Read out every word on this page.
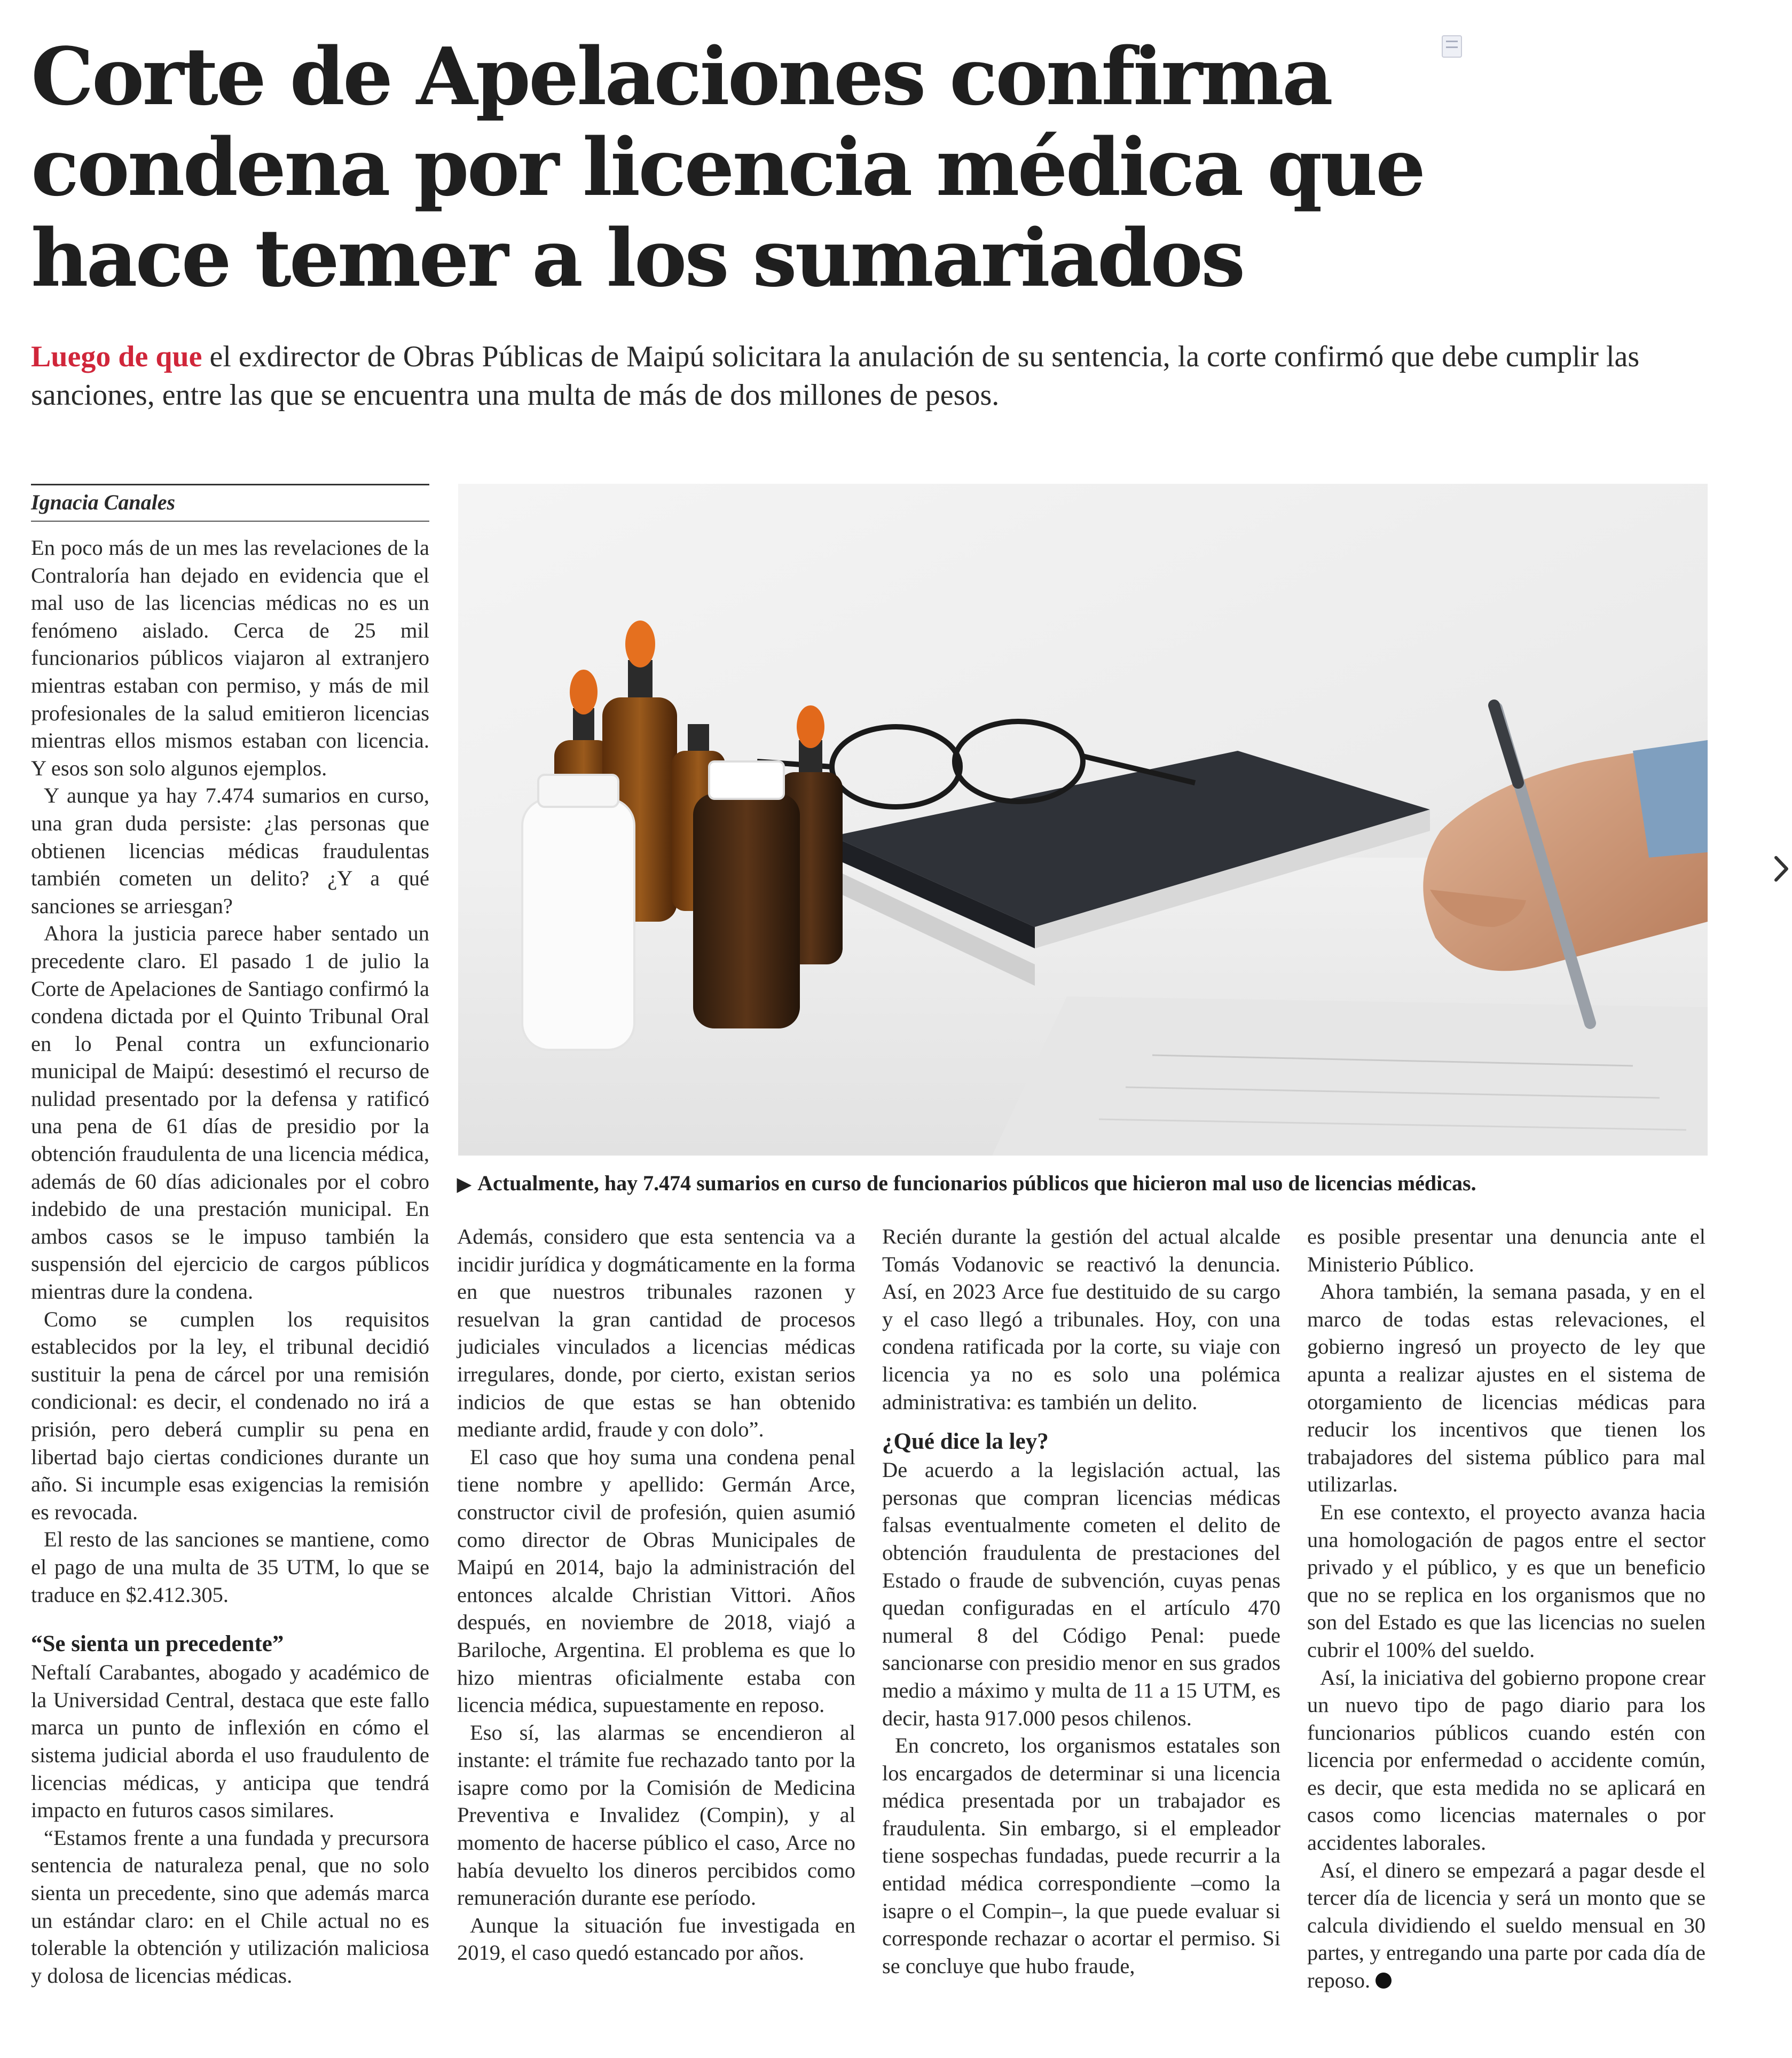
Corte de Apelaciones confirma
condena por licencia médica que
hace temer a los sumariados
Luego de que el exdirector de Obras Públicas de Maipú solicitara la anulación de su sentencia, la corte confirmó que debe cumplir las sanciones, entre las que se encuentra una multa de más de dos millones de pesos.
Ignacia Canales
▶ Actualmente, hay 7.474 sumarios en curso de funcionarios públicos que hicieron mal uso de licencias médicas.

En poco más de un mes las revelaciones de la Contraloría han dejado en evidencia que el mal uso de las licencias médicas no es un fenómeno aislado. Cerca de 25 mil funcionarios públicos viajaron al extranjero mientras estaban con permiso, y más de mil profesionales de la salud emitieron licencias mientras ellos mismos estaban con licencia. Y esos son solo algunos ejemplos.

Y aunque ya hay 7.474 sumarios en curso, una gran duda persiste: ¿las personas que obtienen licencias médicas fraudulentas también cometen un delito? ¿Y a qué sanciones se arriesgan?

Ahora la justicia parece haber sentado un precedente claro. El pasado 1 de julio la Corte de Apelaciones de Santiago confirmó la condena dictada por el Quinto Tribunal Oral en lo Penal contra un exfuncionario municipal de Maipú: desestimó el recurso de nulidad presentado por la defensa y ratificó una pena de 61 días de presidio por la obtención fraudulenta de una licencia médica, además de 60 días adicionales por el cobro indebido de una prestación municipal. En ambos casos se le impuso también la suspensión del ejercicio de cargos públicos mientras dure la condena.

Como se cumplen los requisitos establecidos por la ley, el tribunal decidió sustituir la pena de cárcel por una remisión condicional: es decir, el condenado no irá a prisión, pero deberá cumplir su pena en libertad bajo ciertas condiciones durante un año. Si incumple esas exigencias la remisión es revocada.

El resto de las sanciones se mantiene, como el pago de una multa de 35 UTM, lo que se traduce en $2.412.305.

“Se sienta un precedente”

Neftalí Carabantes, abogado y académico de la Universidad Central, destaca que este fallo marca un punto de inflexión en cómo el sistema judicial aborda el uso fraudulento de licencias médicas, y anticipa que tendrá impacto en futuros casos similares.

“Estamos frente a una fundada y precursora sentencia de naturaleza penal, que no solo sienta un precedente, sino que además marca un estándar claro: en el Chile actual no es tolerable la obtención y utilización maliciosa y dolosa de licencias médicas.

Además, considero que esta sentencia va a incidir jurídica y dogmáticamente en la forma en que nuestros tribunales razonen y resuelvan la gran cantidad de procesos judiciales vinculados a licencias médicas irregulares, donde, por cierto, existan serios indicios de que estas se han obtenido mediante ardid, fraude y con dolo”.

El caso que hoy suma una condena penal tiene nombre y apellido: Germán Arce, constructor civil de profesión, quien asumió como director de Obras Municipales de Maipú en 2014, bajo la administración del entonces alcalde Christian Vittori. Años después, en noviembre de 2018, viajó a Bariloche, Argentina. El problema es que lo hizo mientras oficialmente estaba con licencia médica, supuestamente en reposo.

Eso sí, las alarmas se encendieron al instante: el trámite fue rechazado tanto por la isapre como por la Comisión de Medicina Preventiva e Invalidez (Compin), y al momento de hacerse público el caso, Arce no había devuelto los dineros percibidos como remuneración durante ese período.

Aunque la situación fue investigada en 2019, el caso quedó estancado por años.

Recién durante la gestión del actual alcalde Tomás Vodanovic se reactivó la denuncia. Así, en 2023 Arce fue destituido de su cargo y el caso llegó a tribunales. Hoy, con una condena ratificada por la corte, su viaje con licencia ya no es solo una polémica administrativa: es también un delito.

¿Qué dice la ley?

De acuerdo a la legislación actual, las personas que compran licencias médicas falsas eventualmente cometen el delito de obtención fraudulenta de prestaciones del Estado o fraude de subvención, cuyas penas quedan configuradas en el artículo 470 numeral 8 del Código Penal: puede sancionarse con presidio menor en sus grados medio a máximo y multa de 11 a 15 UTM, es decir, hasta 917.000 pesos chilenos.

En concreto, los organismos estatales son los encargados de determinar si una licencia médica presentada por un trabajador es fraudulenta. Sin embargo, si el empleador tiene sospechas fundadas, puede recurrir a la entidad médica correspondiente –como la isapre o el Compin–, la que puede evaluar si corresponde rechazar o acortar el permiso. Si se concluye que hubo fraude,

es posible presentar una denuncia ante el Ministerio Público.

Ahora también, la semana pasada, y en el marco de todas estas relevaciones, el gobierno ingresó un proyecto de ley que apunta a realizar ajustes en el sistema de otorgamiento de licencias médicas para reducir los incentivos que tienen los trabajadores del sistema público para mal utilizarlas.

En ese contexto, el proyecto avanza hacia una homologación de pagos entre el sector privado y el público, y es que un beneficio que no se replica en los organismos que no son del Estado es que las licencias no suelen cubrir el 100% del sueldo.

Así, la iniciativa del gobierno propone crear un nuevo tipo de pago diario para los funcionarios públicos cuando estén con licencia por enfermedad o accidente común, es decir, que esta medida no se aplicará en casos como licencias maternales o por accidentes laborales.

Así, el dinero se empezará a pagar desde el tercer día de licencia y será un monto que se calcula dividiendo el sueldo mensual en 30 partes, y entregando una parte por cada día de reposo.
